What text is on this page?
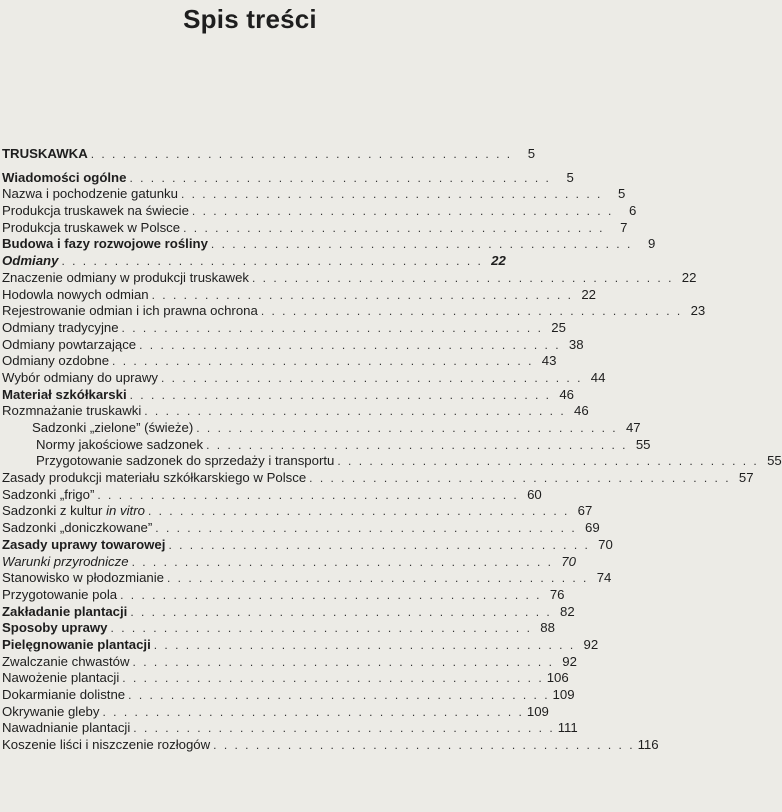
Spis treści
TRUSKAWKA . . . . . . . . . . . . . . . . . . . . . . . . . . . . . . . . . . . . . . . .	5
Wiadomości ogólne . . . . . . . . . . . . . . . . . . . . . . . . . . . . . . . . . . . . . . . .	5
Nazwa i pochodzenie gatunku . . . . . . . . . . . . . . . . . . . . . . . . . . . . . . . . . . . . . . . .	5
Produkcja truskawek na świecie . . . . . . . . . . . . . . . . . . . . . . . . . . . . . . . . . . . . . . . .	6
Produkcja truskawek w Polsce . . . . . . . . . . . . . . . . . . . . . . . . . . . . . . . . . . . . . . . .	7
Budowa i fazy rozwojowe rośliny . . . . . . . . . . . . . . . . . . . . . . . . . . . . . . . . . . . . . . . .	9
Odmiany . . . . . . . . . . . . . . . . . . . . . . . . . . . . . . . . . . . . . . . . 22
Znaczenie odmiany w produkcji truskawek . . . . . . . . . . . . . . . . . . . . . . . . . . . . . . . . . . . . . . . . 22
Hodowla nowych odmian . . . . . . . . . . . . . . . . . . . . . . . . . . . . . . . . . . . . . . . . 22
Rejestrowanie odmian i ich prawna ochrona . . . . . . . . . . . . . . . . . . . . . . . . . . . . . . . . . . . . . . . . 23
Odmiany tradycyjne . . . . . . . . . . . . . . . . . . . . . . . . . . . . . . . . . . . . . . . . 25
Odmiany powtarzające . . . . . . . . . . . . . . . . . . . . . . . . . . . . . . . . . . . . . . . . 38
Odmiany ozdobne . . . . . . . . . . . . . . . . . . . . . . . . . . . . . . . . . . . . . . . . 43
Wybór odmiany do uprawy . . . . . . . . . . . . . . . . . . . . . . . . . . . . . . . . . . . . . . . . 44
Materiał szkółkarski . . . . . . . . . . . . . . . . . . . . . . . . . . . . . . . . . . . . . . . . 46
Rozmnażanie truskawki . . . . . . . . . . . . . . . . . . . . . . . . . . . . . . . . . . . . . . . . 46
Sadzonki „zielone” (świeże) . . . . . . . . . . . . . . . . . . . . . . . . . . . . . . . . . . . . . . . . 47
Normy jakościowe sadzonek . . . . . . . . . . . . . . . . . . . . . . . . . . . . . . . . . . . . . . . . 55
Przygotowanie sadzonek do sprzedaży i transportu . . . . . . . . . . . . . . . . . . . . . . . . . . . . . . . . . . . . . . . . 55
Zasady produkcji materiału szkółkarskiego w Polsce . . . . . . . . . . . . . . . . . . . . . . . . . . . . . . . . . . . . . . . . 57
Sadzonki „frigo” . . . . . . . . . . . . . . . . . . . . . . . . . . . . . . . . . . . . . . . . 60
Sadzonki z kultur in vitro . . . . . . . . . . . . . . . . . . . . . . . . . . . . . . . . . . . . . . . . 67
Sadzonki „doniczkowane” . . . . . . . . . . . . . . . . . . . . . . . . . . . . . . . . . . . . . . . . 69
Zasady uprawy towarowej . . . . . . . . . . . . . . . . . . . . . . . . . . . . . . . . . . . . . . . . 70
Warunki przyrodnicze . . . . . . . . . . . . . . . . . . . . . . . . . . . . . . . . . . . . . . . . 70
Stanowisko w płodozmianie . . . . . . . . . . . . . . . . . . . . . . . . . . . . . . . . . . . . . . . . 74
Przygotowanie pola . . . . . . . . . . . . . . . . . . . . . . . . . . . . . . . . . . . . . . . . 76
Zakładanie plantacji . . . . . . . . . . . . . . . . . . . . . . . . . . . . . . . . . . . . . . . . 82
Sposoby uprawy . . . . . . . . . . . . . . . . . . . . . . . . . . . . . . . . . . . . . . . . 88
Pielęgnowanie plantacji . . . . . . . . . . . . . . . . . . . . . . . . . . . . . . . . . . . . . . . . 92
Zwalczanie chwastów . . . . . . . . . . . . . . . . . . . . . . . . . . . . . . . . . . . . . . . . 92
Nawożenie plantacji . . . . . . . . . . . . . . . . . . . . . . . . . . . . . . . . . . . . . . . . 106
Dokarmianie dolistne . . . . . . . . . . . . . . . . . . . . . . . . . . . . . . . . . . . . . . . . 109
Okrywanie gleby . . . . . . . . . . . . . . . . . . . . . . . . . . . . . . . . . . . . . . . . 109
Nawadnianie plantacji . . . . . . . . . . . . . . . . . . . . . . . . . . . . . . . . . . . . . . . . 111
Koszenie liści i niszczenie rozłogów . . . . . . . . . . . . . . . . . . . . . . . . . . . . . . . . . . . . . . . . 116
